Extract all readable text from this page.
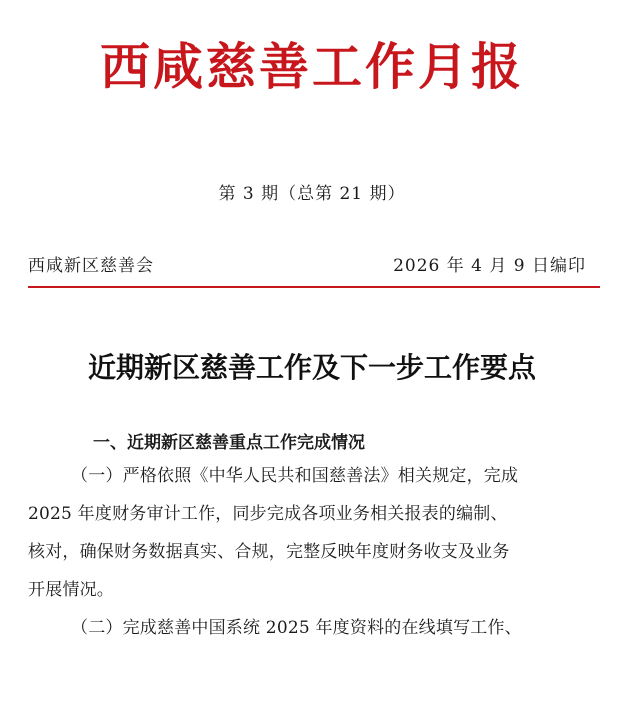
西咸慈善工作月报
第 3 期（总第 21 期）
西咸新区慈善会	2026 年 4 月 9 日编印
近期新区慈善工作及下一步工作要点
一、近期新区慈善重点工作完成情况
（一）严格依照《中华人民共和国慈善法》相关规定，完成
2025 年度财务审计工作，同步完成各项业务相关报表的编制、
核对，确保财务数据真实、合规，完整反映年度财务收支及业务
开展情况。
（二）完成慈善中国系统 2025 年度资料的在线填写工作、
